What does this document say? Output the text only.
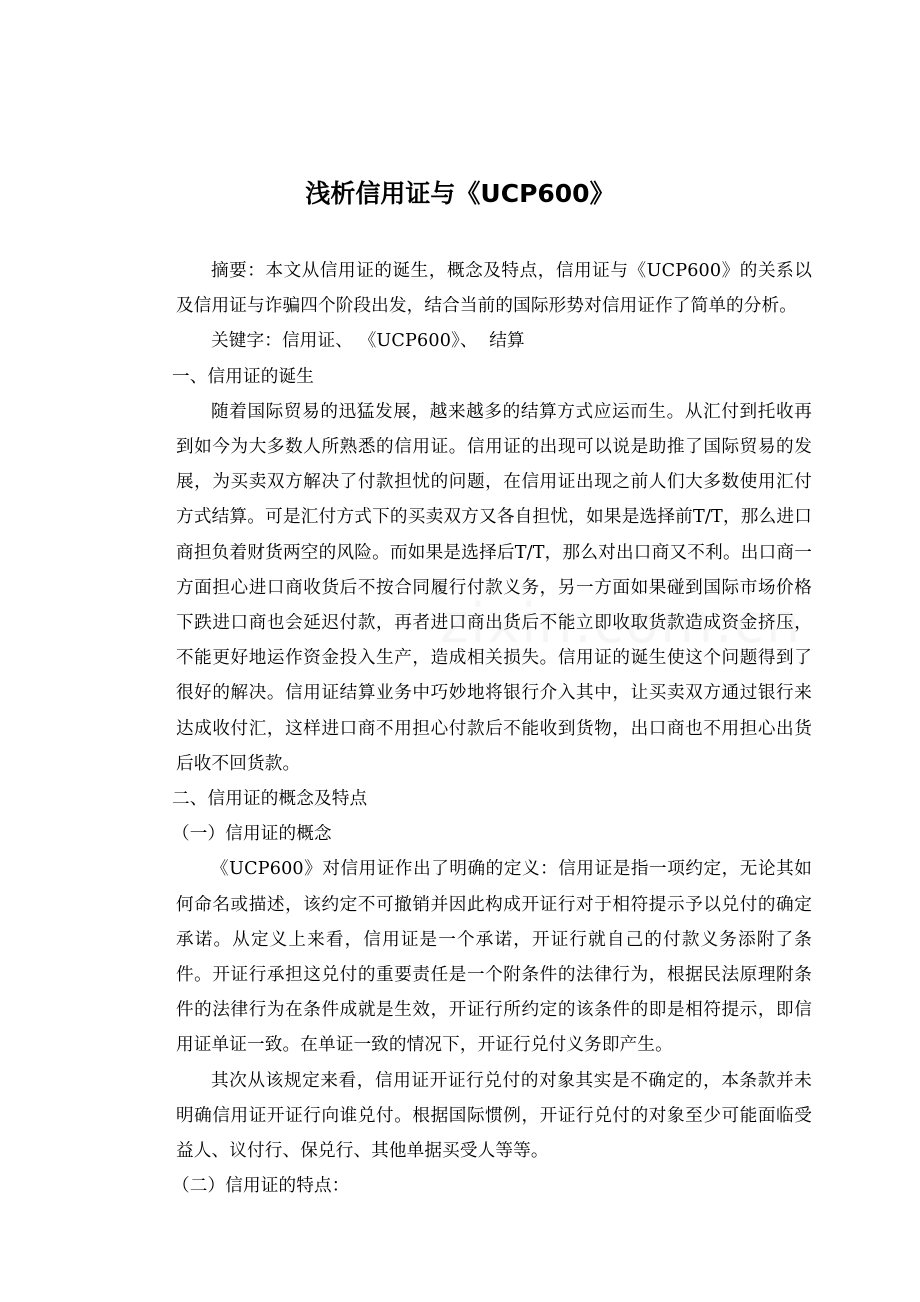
浅析信用证与《UCP600》

摘要：本文从信用证的诞生，概念及特点，信用证与《UCP600》的关系以及信用证与诈骗四个阶段出发，结合当前的国际形势对信用证作了简单的分析。

关键字：信用证、 《UCP600》、  结算

一、信用证的诞生

随着国际贸易的迅猛发展，越来越多的结算方式应运而生。从汇付到托收再到如今为大多数人所熟悉的信用证。信用证的出现可以说是助推了国际贸易的发展，为买卖双方解决了付款担忧的问题，在信用证出现之前人们大多数使用汇付方式结算。可是汇付方式下的买卖双方又各自担忧，如果是选择前T/T，那么进口商担负着财货两空的风险。而如果是选择后T/T，那么对出口商又不利。出口商一方面担心进口商收货后不按合同履行付款义务，另一方面如果碰到国际市场价格下跌进口商也会延迟付款，再者进口商出货后不能立即收取货款造成资金挤压，不能更好地运作资金投入生产，造成相关损失。信用证的诞生使这个问题得到了很好的解决。信用证结算业务中巧妙地将银行介入其中，让买卖双方通过银行来达成收付汇，这样进口商不用担心付款后不能收到货物，出口商也不用担心出货后收不回货款。

二、信用证的概念及特点

（一）信用证的概念

《UCP600》对信用证作出了明确的定义：信用证是指一项约定，无论其如何命名或描述，该约定不可撤销并因此构成开证行对于相符提示予以兑付的确定承诺。从定义上来看，信用证是一个承诺，开证行就自己的付款义务添附了条件。开证行承担这兑付的重要责任是一个附条件的法律行为，根据民法原理附条件的法律行为在条件成就是生效，开证行所约定的该条件的即是相符提示，即信用证单证一致。在单证一致的情况下，开证行兑付义务即产生。

其次从该规定来看，信用证开证行兑付的对象其实是不确定的，本条款并未明确信用证开证行向谁兑付。根据国际惯例，开证行兑付的对象至少可能面临受益人、议付行、保兑行、其他单据买受人等等。

（二）信用证的特点：
